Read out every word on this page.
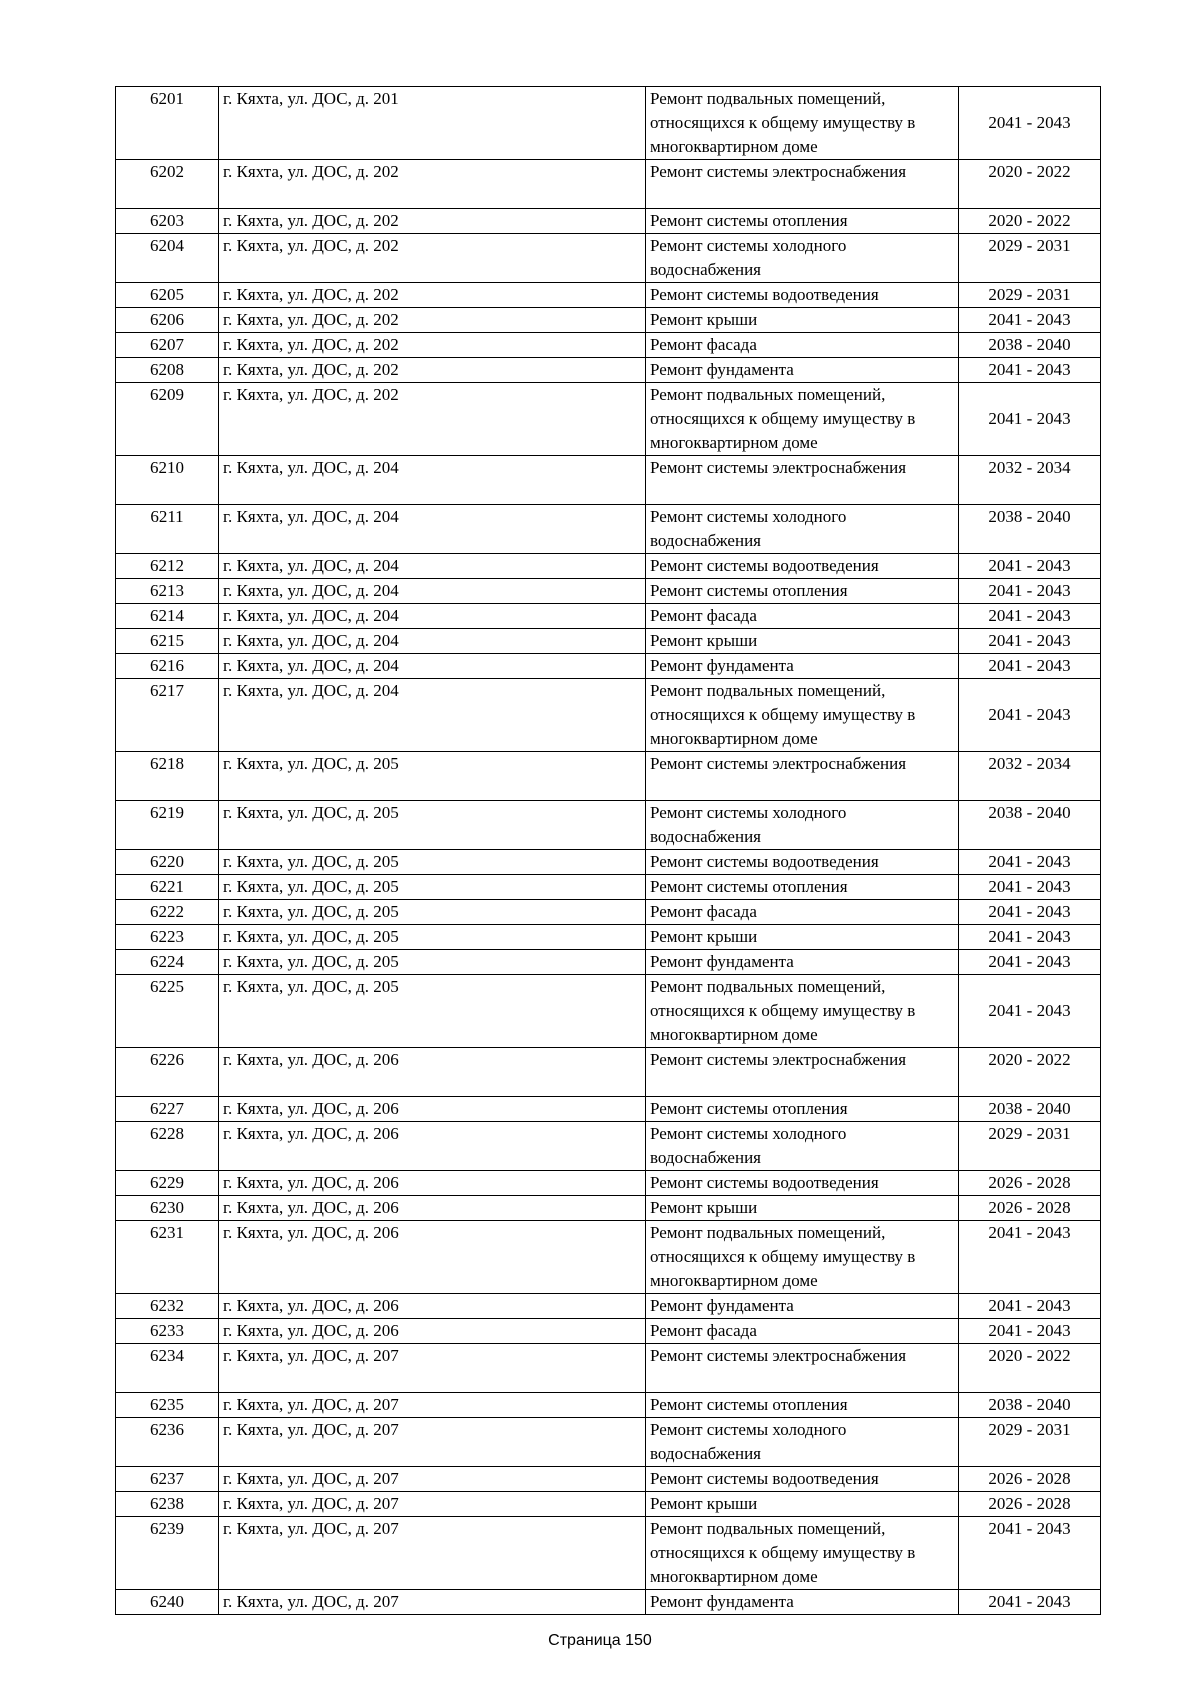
6201	г. Кяхта, ул. ДОС, д. 201	Ремонт подвальных помещений, относящихся к общему имуществу в многоквартирном доме	2041 - 2043
6202	г. Кяхта, ул. ДОС, д. 202	Ремонт системы электроснабжения	2020 - 2022
6203	г. Кяхта, ул. ДОС, д. 202	Ремонт системы отопления	2020 - 2022
6204	г. Кяхта, ул. ДОС, д. 202	Ремонт системы холодного водоснабжения	2029 - 2031
6205	г. Кяхта, ул. ДОС, д. 202	Ремонт системы водоотведения	2029 - 2031
6206	г. Кяхта, ул. ДОС, д. 202	Ремонт крыши	2041 - 2043
6207	г. Кяхта, ул. ДОС, д. 202	Ремонт фасада	2038 - 2040
6208	г. Кяхта, ул. ДОС, д. 202	Ремонт фундамента	2041 - 2043
6209	г. Кяхта, ул. ДОС, д. 202	Ремонт подвальных помещений, относящихся к общему имуществу в многоквартирном доме	2041 - 2043
6210	г. Кяхта, ул. ДОС, д. 204	Ремонт системы электроснабжения	2032 - 2034
6211	г. Кяхта, ул. ДОС, д. 204	Ремонт системы холодного водоснабжения	2038 - 2040
6212	г. Кяхта, ул. ДОС, д. 204	Ремонт системы водоотведения	2041 - 2043
6213	г. Кяхта, ул. ДОС, д. 204	Ремонт системы отопления	2041 - 2043
6214	г. Кяхта, ул. ДОС, д. 204	Ремонт фасада	2041 - 2043
6215	г. Кяхта, ул. ДОС, д. 204	Ремонт крыши	2041 - 2043
6216	г. Кяхта, ул. ДОС, д. 204	Ремонт фундамента	2041 - 2043
6217	г. Кяхта, ул. ДОС, д. 204	Ремонт подвальных помещений, относящихся к общему имуществу в многоквартирном доме	2041 - 2043
6218	г. Кяхта, ул. ДОС, д. 205	Ремонт системы электроснабжения	2032 - 2034
6219	г. Кяхта, ул. ДОС, д. 205	Ремонт системы холодного водоснабжения	2038 - 2040
6220	г. Кяхта, ул. ДОС, д. 205	Ремонт системы водоотведения	2041 - 2043
6221	г. Кяхта, ул. ДОС, д. 205	Ремонт системы отопления	2041 - 2043
6222	г. Кяхта, ул. ДОС, д. 205	Ремонт фасада	2041 - 2043
6223	г. Кяхта, ул. ДОС, д. 205	Ремонт крыши	2041 - 2043
6224	г. Кяхта, ул. ДОС, д. 205	Ремонт фундамента	2041 - 2043
6225	г. Кяхта, ул. ДОС, д. 205	Ремонт подвальных помещений, относящихся к общему имуществу в многоквартирном доме	2041 - 2043
6226	г. Кяхта, ул. ДОС, д. 206	Ремонт системы электроснабжения	2020 - 2022
6227	г. Кяхта, ул. ДОС, д. 206	Ремонт системы отопления	2038 - 2040
6228	г. Кяхта, ул. ДОС, д. 206	Ремонт системы холодного водоснабжения	2029 - 2031
6229	г. Кяхта, ул. ДОС, д. 206	Ремонт системы водоотведения	2026 - 2028
6230	г. Кяхта, ул. ДОС, д. 206	Ремонт крыши	2026 - 2028
6231	г. Кяхта, ул. ДОС, д. 206	Ремонт подвальных помещений, относящихся к общему имуществу в многоквартирном доме	2041 - 2043
6232	г. Кяхта, ул. ДОС, д. 206	Ремонт фундамента	2041 - 2043
6233	г. Кяхта, ул. ДОС, д. 206	Ремонт фасада	2041 - 2043
6234	г. Кяхта, ул. ДОС, д. 207	Ремонт системы электроснабжения	2020 - 2022
6235	г. Кяхта, ул. ДОС, д. 207	Ремонт системы отопления	2038 - 2040
6236	г. Кяхта, ул. ДОС, д. 207	Ремонт системы холодного водоснабжения	2029 - 2031
6237	г. Кяхта, ул. ДОС, д. 207	Ремонт системы водоотведения	2026 - 2028
6238	г. Кяхта, ул. ДОС, д. 207	Ремонт крыши	2026 - 2028
6239	г. Кяхта, ул. ДОС, д. 207	Ремонт подвальных помещений, относящихся к общему имуществу в многоквартирном доме	2041 - 2043
6240	г. Кяхта, ул. ДОС, д. 207	Ремонт фундамента	2041 - 2043
Страница 150
